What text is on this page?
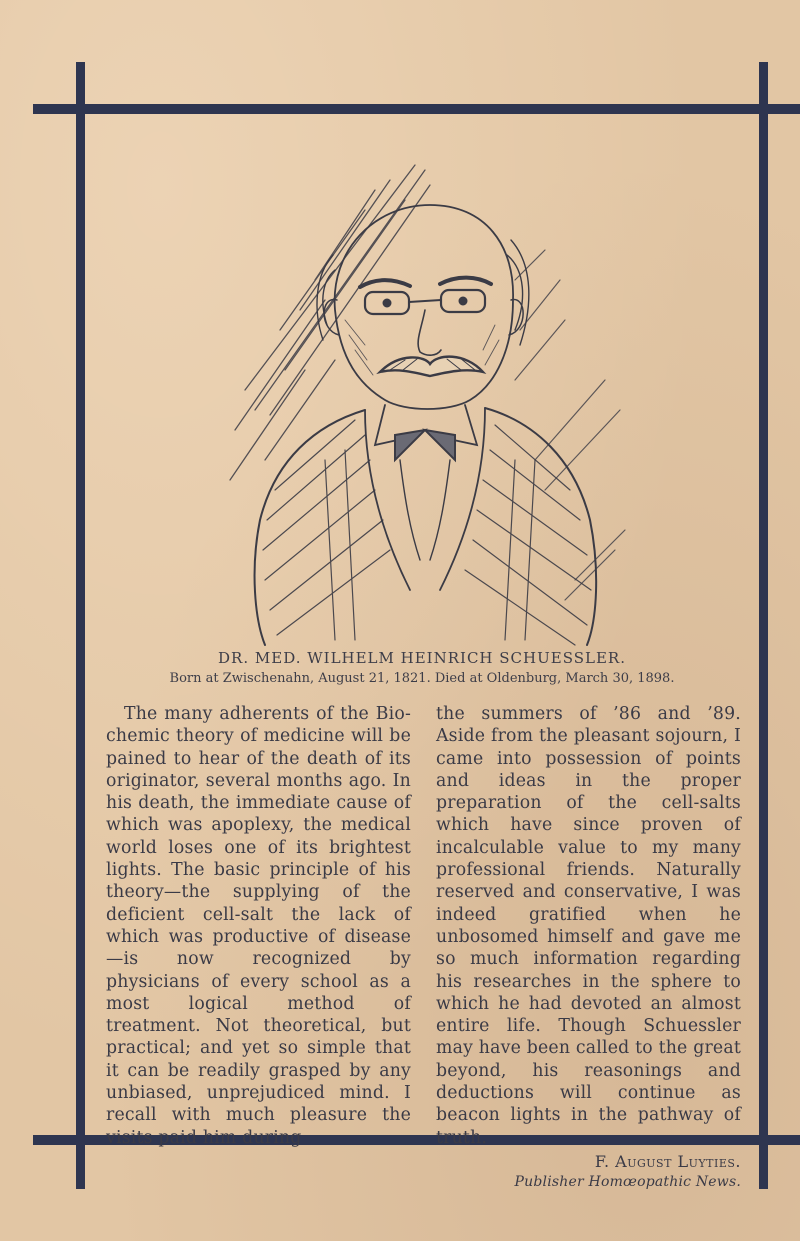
DR. MED. WILHELM HEINRICH SCHUESSLER.
Born at Zwischenahn, August 21, 1821. Died at Oldenburg, March 30, 1898.

The many adherents of the Bio-chemic theory of medicine will be pained to hear of the death of its originator, several months ago. In his death, the immediate cause of which was apoplexy, the medical world loses one of its brightest lights. The basic principle of his theory—the supplying of the deficient cell-salt the lack of which was productive of disease—is now recognized by physicians of every school as a most logical method of treatment. Not theoretical, but practical; and yet so simple that it can be readily grasped by any unbiased, unprejudiced mind. I recall with much pleasure the visits paid him during

the summers of ’86 and ’89. Aside from the pleasant sojourn, I came into possession of points and ideas in the proper preparation of the cell-salts which have since proven of incalculable value to my many professional friends. Naturally reserved and conservative, I was indeed gratified when he unbosomed himself and gave me so much information regarding his researches in the sphere to which he had devoted an almost entire life. Though Schuessler may have been called to the great beyond, his reasonings and deductions will continue as beacon lights in the pathway of truth.

F. August Luyties.
Publisher Homœopathic News.
